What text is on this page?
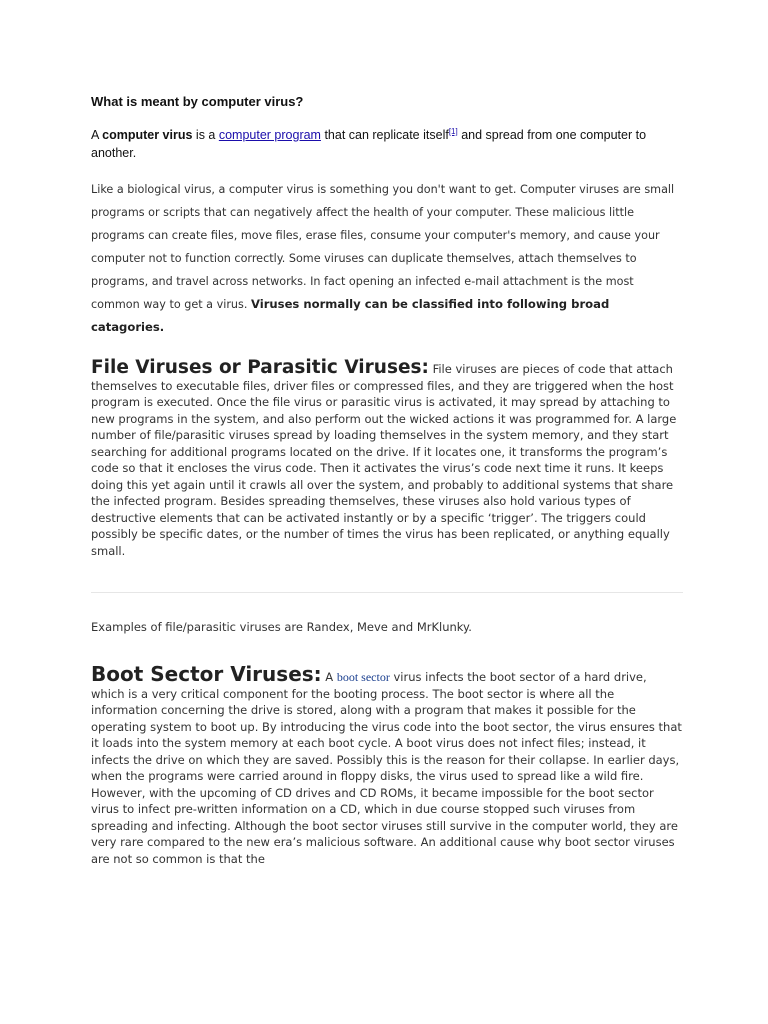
What is meant by computer virus?
A computer virus is a computer program that can replicate itself[1] and spread from one computer to another.
Like a biological virus, a computer virus is something you don't want to get. Computer viruses are small programs or scripts that can negatively affect the health of your computer. These malicious little programs can create files, move files, erase files, consume your computer's memory, and cause your computer not to function correctly. Some viruses can duplicate themselves, attach themselves to programs, and travel across networks. In fact opening an infected e-mail attachment is the most common way to get a virus. Viruses normally can be classified into following broad catagories.
File Viruses or Parasitic Viruses: File viruses are pieces of code that attach themselves to executable files, driver files or compressed files, and they are triggered when the host program is executed. Once the file virus or parasitic virus is activated, it may spread by attaching to new programs in the system, and also perform out the wicked actions it was programmed for. A large number of file/parasitic viruses spread by loading themselves in the system memory, and they start searching for additional programs located on the drive. If it locates one, it transforms the program’s code so that it encloses the virus code. Then it activates the virus’s code next time it runs. It keeps doing this yet again until it crawls all over the system, and probably to additional systems that share the infected program. Besides spreading themselves, these viruses also hold various types of destructive elements that can be activated instantly or by a specific ‘trigger’. The triggers could possibly be specific dates, or the number of times the virus has been replicated, or anything equally small.
Examples of file/parasitic viruses are Randex, Meve and MrKlunky.
Boot Sector Viruses: A boot sector virus infects the boot sector of a hard drive, which is a very critical component for the booting process. The boot sector is where all the information concerning the drive is stored, along with a program that makes it possible for the operating system to boot up. By introducing the virus code into the boot sector, the virus ensures that it loads into the system memory at each boot cycle. A boot virus does not infect files; instead, it infects the drive on which they are saved. Possibly this is the reason for their collapse. In earlier days, when the programs were carried around in floppy disks, the virus used to spread like a wild fire. However, with the upcoming of CD drives and CD ROMs, it became impossible for the boot sector virus to infect pre-written information on a CD, which in due course stopped such viruses from spreading and infecting. Although the boot sector viruses still survive in the computer world, they are very rare compared to the new era’s malicious software. An additional cause why boot sector viruses are not so common is that the
